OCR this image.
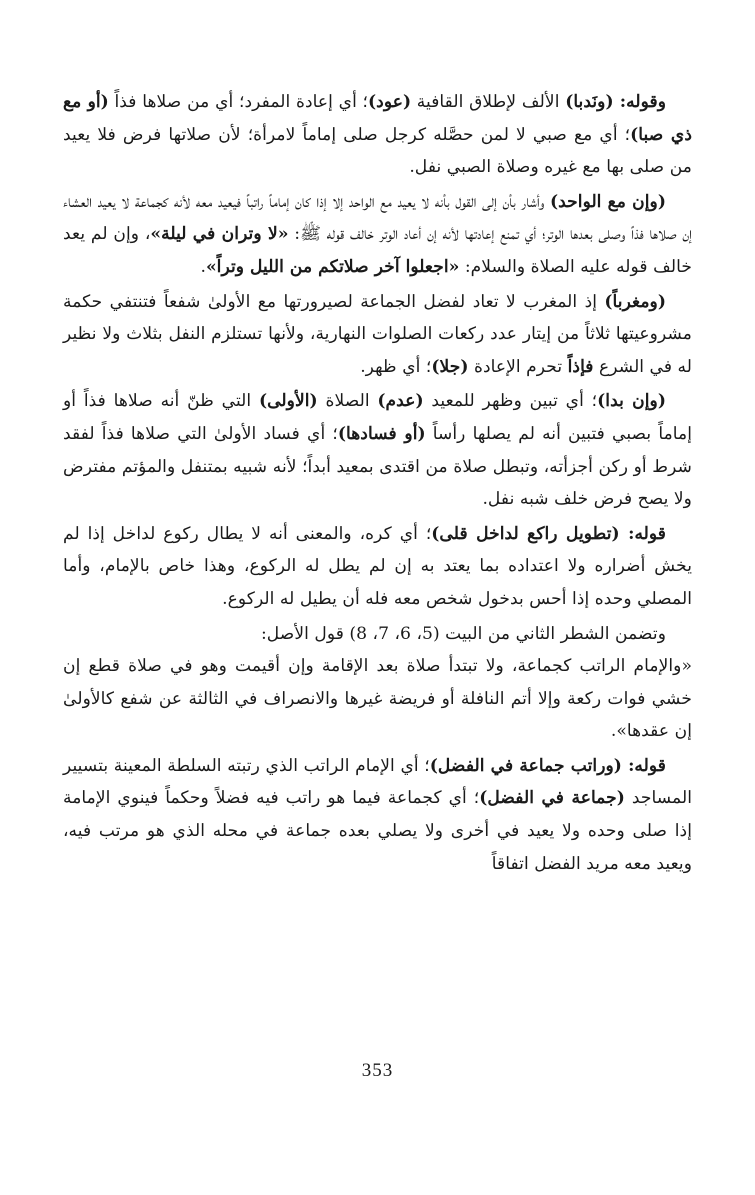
وقوله: (ونَدبا) الألف لإطلاق القافية (عود)؛ أي إعادة المفرد؛ أي من صلاها فذاً (أو مع ذي صبا)؛ أي مع صبي لا لمن حصَّله كرجل صلى إماماً لامرأة؛ لأن صلاتها فرض فلا يعيد من صلى بها مع غيره وصلاة الصبي نفل.

(وإن مع الواحد) وأشار بأن إلى القول بأنه لا يعيد مع الواحد إلا إذا كان إماماً راتباً فيعيد معه لأنه كجماعة لا يعيد العشاء إن صلاها فذاً وصلى بعدها الوتر؛ أي تمنع إعادتها لأنه إن أعاد الوتر خالف قوله ﷺ: «لا وتران في ليلة»، وإن لم يعد خالف قوله عليه الصلاة والسلام: «اجعلوا آخر صلاتكم من الليل وتراً».

(ومغرباً) إذ المغرب لا تعاد لفضل الجماعة لصيرورتها مع الأولىٰ شفعاً فتنتفي حكمة مشروعيتها ثلاثاً من إيتار عدد ركعات الصلوات النهارية، ولأنها تستلزم النفل بثلاث ولا نظير له في الشرع فإذاً تحرم الإعادة (جلا)؛ أي ظهر.

(وإن بدا)؛ أي تبين وظهر للمعيد (عدم) الصلاة (الأولى) التي ظنّ أنه صلاها فذاً أو إماماً بصبي فتبين أنه لم يصلها رأساً (أو فسادها)؛ أي فساد الأولىٰ التي صلاها فذاً لفقد شرط أو ركن أجزأته، وتبطل صلاة من اقتدى بمعيد أبداً؛ لأنه شبيه بمتنفل والمؤتم مفترض ولا يصح فرض خلف شبه نفل.

قوله: (تطويل راكع لداخل قلى)؛ أي كره، والمعنى أنه لا يطال ركوع لداخل إذا لم يخش أضراره ولا اعتداده بما يعتد به إن لم يطل له الركوع، وهذا خاص بالإمام، وأما المصلي وحده إذا أحس بدخول شخص معه فله أن يطيل له الركوع.

وتضمن الشطر الثاني من البيت (5، 6، 7، 8) قول الأصل:

«والإمام الراتب كجماعة، ولا تبتدأ صلاة بعد الإقامة وإن أقيمت وهو في صلاة قطع إن خشي فوات ركعة وإلا أتم النافلة أو فريضة غيرها والانصراف في الثالثة عن شفع كالأولىٰ إن عقدها».

قوله: (وراتب جماعة في الفضل)؛ أي الإمام الراتب الذي رتبته السلطة المعينة بتسيير المساجد (جماعة في الفضل)؛ أي كجماعة فيما هو راتب فيه فضلاً وحكماً فينوي الإمامة إذا صلى وحده ولا يعيد في أخرى ولا يصلي بعده جماعة في محله الذي هو مرتب فيه، ويعيد معه مريد الفضل اتفاقاً

353
